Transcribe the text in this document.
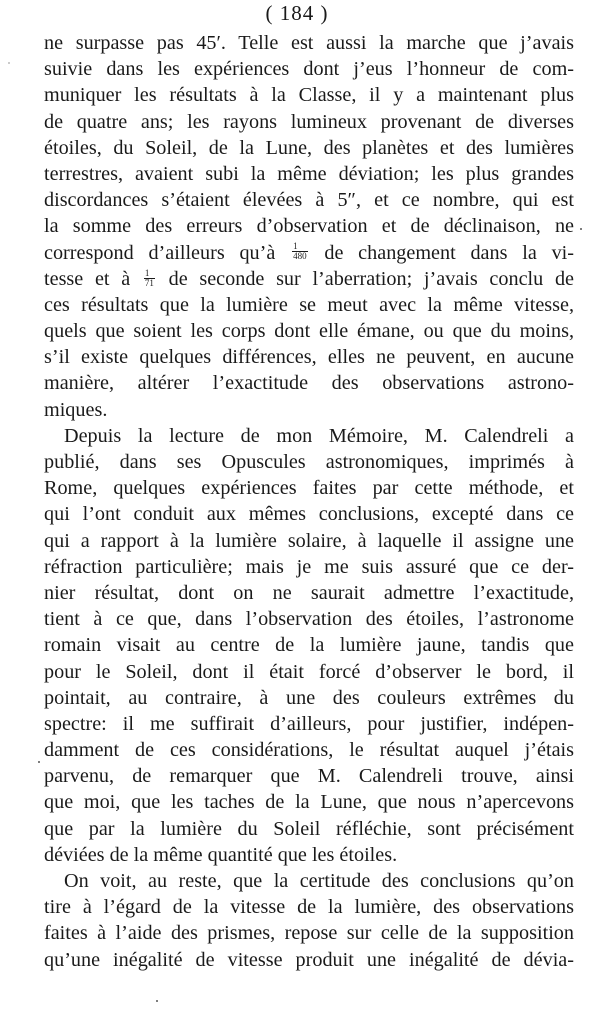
( 184 )
ne surpasse pas 45′. Telle est aussi la marche que j’avais
suivie dans les expériences dont j’eus l’honneur de com-
muniquer les résultats à la Classe, il y a maintenant plus
de quatre ans; les rayons lumineux provenant de diverses
étoiles, du Soleil, de la Lune, des planètes et des lumières
terrestres, avaient subi la même déviation; les plus grandes
discordances s’étaient élevées à 5″, et ce nombre, qui est
la somme des erreurs d’observation et de déclinaison, ne
correspond d’ailleurs qu’à $\frac{1}{480}$ de changement dans la vi-
tesse et à $\frac{1}{71}$ de seconde sur l’aberration; j’avais conclu de
ces résultats que la lumière se meut avec la même vitesse,
quels que soient les corps dont elle émane, ou que du moins,
s’il existe quelques différences, elles ne peuvent, en aucune
manière, altérer l’exactitude des observations astrono-
miques.
Depuis la lecture de mon Mémoire, M. Calendreli a
publié, dans ses Opuscules astronomiques, imprimés à
Rome, quelques expériences faites par cette méthode, et
qui l’ont conduit aux mêmes conclusions, excepté dans ce
qui a rapport à la lumière solaire, à laquelle il assigne une
réfraction particulière; mais je me suis assuré que ce der-
nier résultat, dont on ne saurait admettre l’exactitude,
tient à ce que, dans l’observation des étoiles, l’astronome
romain visait au centre de la lumière jaune, tandis que
pour le Soleil, dont il était forcé d’observer le bord, il
pointait, au contraire, à une des couleurs extrêmes du
spectre: il me suffirait d’ailleurs, pour justifier, indépen-
damment de ces considérations, le résultat auquel j’étais
parvenu, de remarquer que M. Calendreli trouve, ainsi
que moi, que les taches de la Lune, que nous n’apercevons
que par la lumière du Soleil réfléchie, sont précisément
déviées de la même quantité que les étoiles.
On voit, au reste, que la certitude des conclusions qu’on
tire à l’égard de la vitesse de la lumière, des observations
faites à l’aide des prismes, repose sur celle de la supposition
qu’une inégalité de vitesse produit une inégalité de dévia-
